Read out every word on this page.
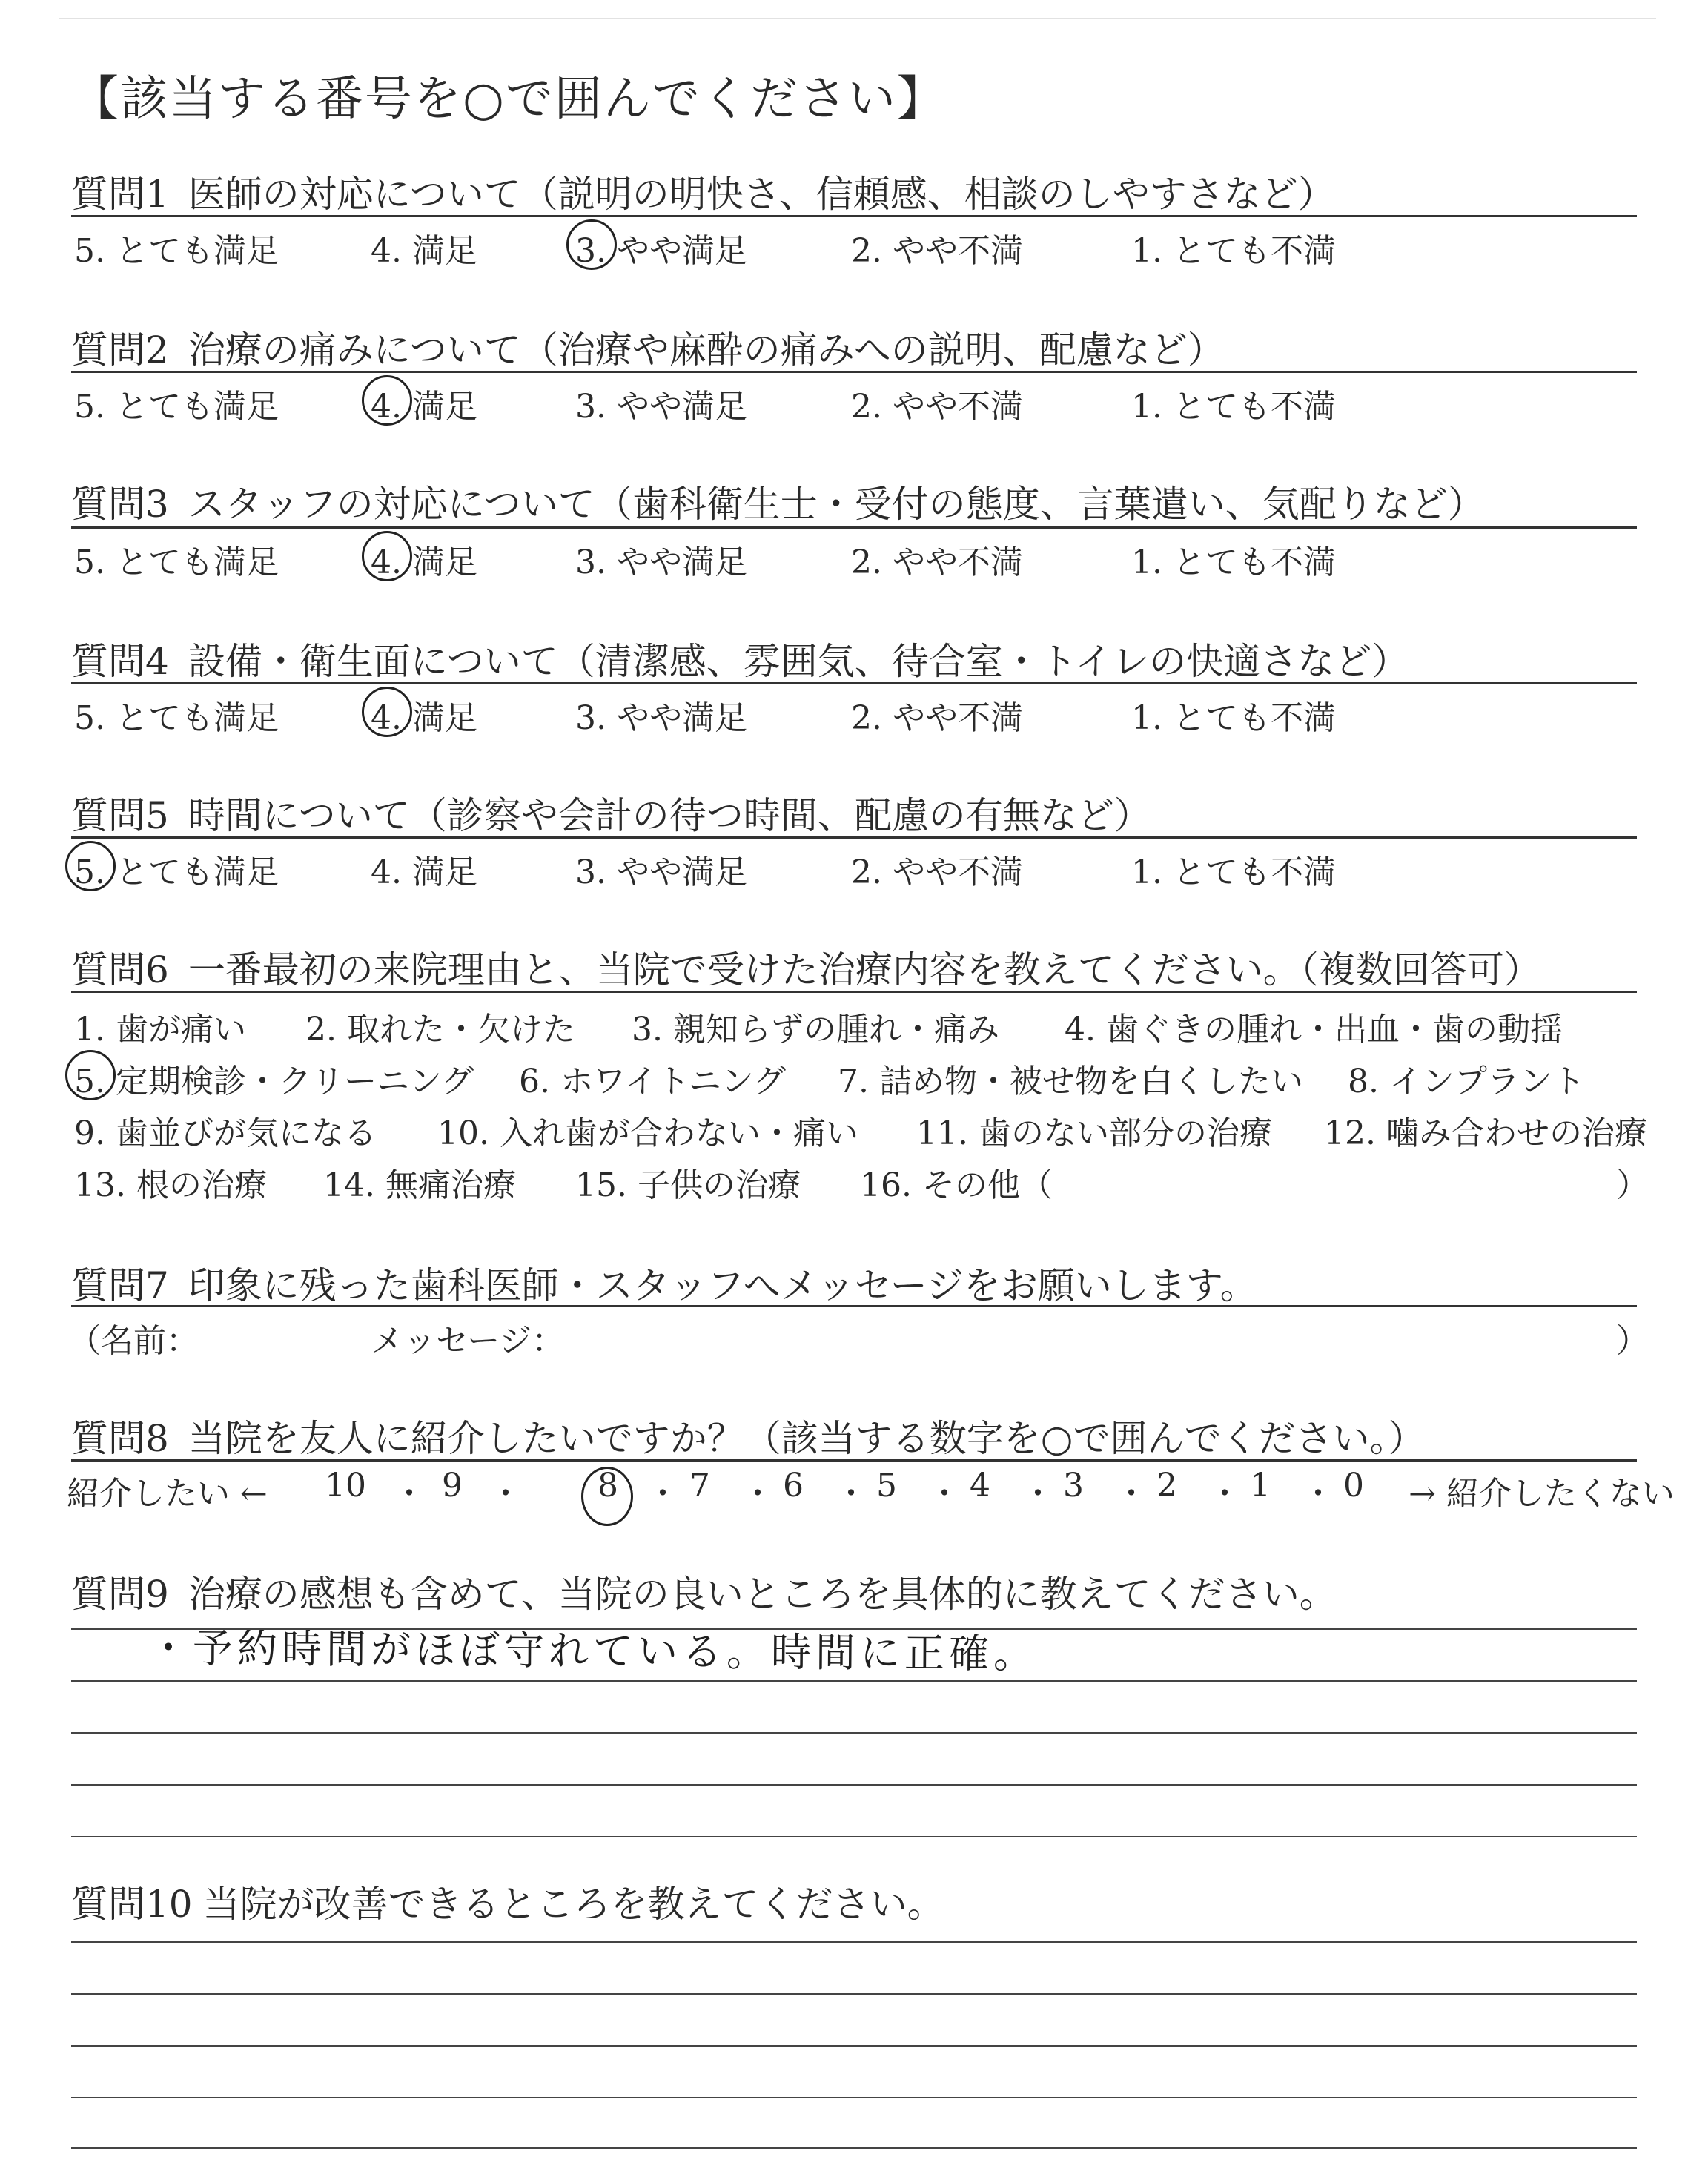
【該当する番号を○で囲んでください】
質問1 医師の対応について（説明の明快さ、信頼感、相談のしやすさなど）
5. とても満足	4. 満足	3. やや満足	2. やや不満	1. とても不満
質問2 治療の痛みについて（治療や麻酔の痛みへの説明、配慮など）
5. とても満足	4. 満足	3. やや満足	2. やや不満	1. とても不満
質問3 スタッフの対応について（歯科衛生士・受付の態度、言葉遣い、気配りなど）
5. とても満足	4. 満足	3. やや満足	2. やや不満	1. とても不満
質問4 設備・衛生面について（清潔感、雰囲気、待合室・トイレの快適さなど）
5. とても満足	4. 満足	3. やや満足	2. やや不満	1. とても不満
質問5 時間について（診察や会計の待つ時間、配慮の有無など）
5. とても満足	4. 満足	3. やや満足	2. やや不満	1. とても不満
質問6 一番最初の来院理由と、当院で受けた治療内容を教えてください。（複数回答可）
1. 歯が痛い 2. 取れた・欠けた 3. 親知らずの腫れ・痛み 4. 歯ぐきの腫れ・出血・歯の動揺
5. 定期検診・クリーニング 6. ホワイトニング 7. 詰め物・被せ物を白くしたい 8. インプラント
9. 歯並びが気になる 10. 入れ歯が合わない・痛い 11. 歯のない部分の治療 12. 噛み合わせの治療
13. 根の治療 14. 無痛治療 15. 子供の治療 16. その他（	）
質問7 印象に残った歯科医師・スタッフへメッセージをお願いします。
（名前：	メッセージ：	）
質問8 当院を友人に紹介したいですか？（該当する数字を○で囲んでください。）
紹介したい ← 10 ・ 9 ・ 8 ・ 7 ・ 6 ・ 5 ・ 4 ・ 3 ・ 2 ・ 1 ・ 0 → 紹介したくない
質問9 治療の感想も含めて、当院の良いところを具体的に教えてください。
・予約時間がほぼ守れている。時間に正確。
質問10 当院が改善できるところを教えてください。
